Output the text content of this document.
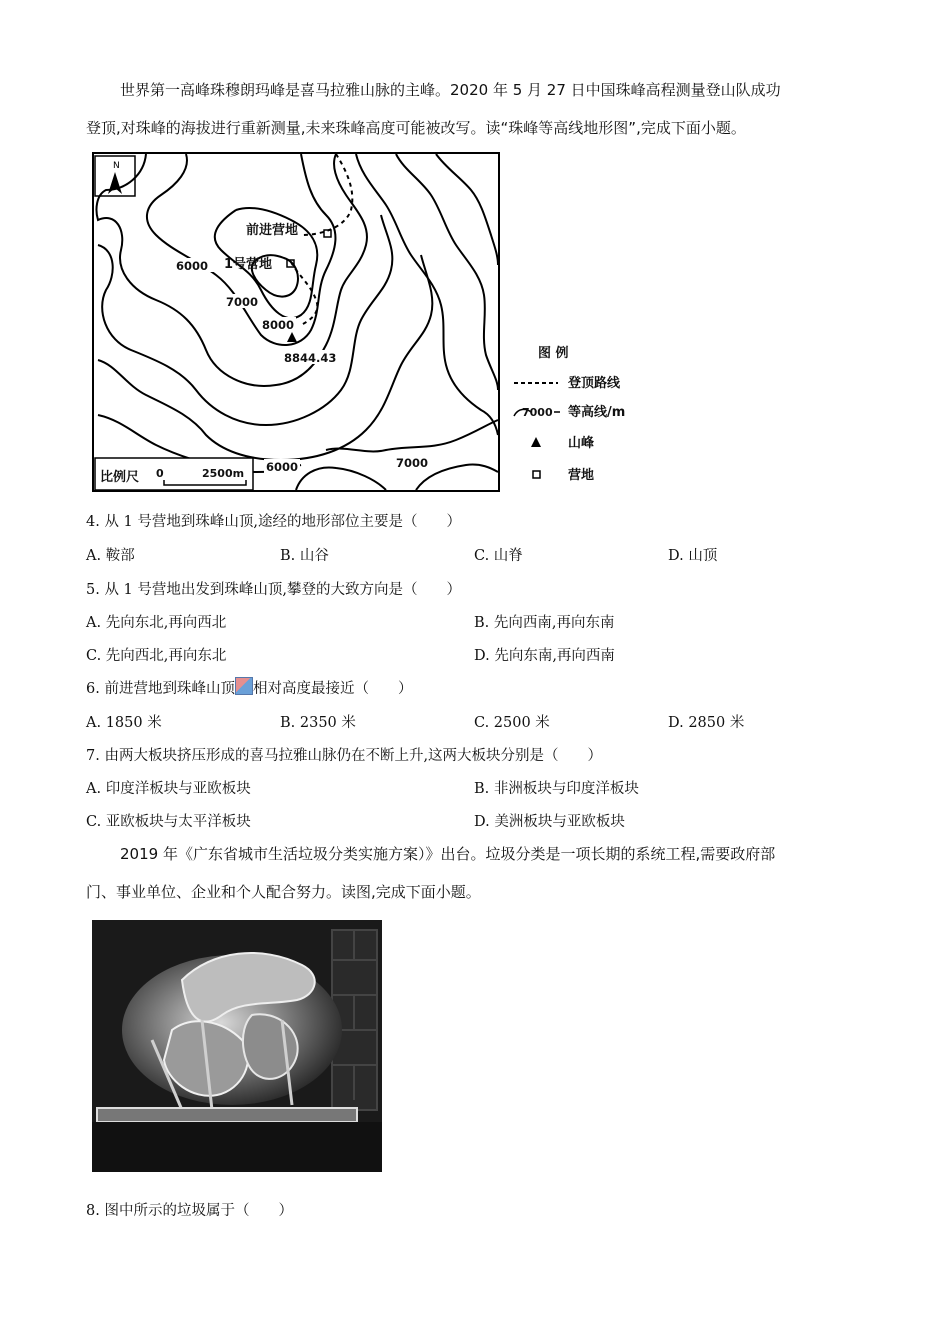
世界第一高峰珠穆朗玛峰是喜马拉雅山脉的主峰。2020 年 5 月 27 日中国珠峰高程测量登山队成功
登顶,对珠峰的海拔进行重新测量,未来珠峰高度可能被改写。读“珠峰等高线地形图”,完成下面小题。
N
前进营地
1号营地
6000
7000
8000
8844.43
6000	7000
比例尺 0	2500m
图 例
登顶路线
7000 等高线/m
山峰
营地
4. 从 1 号营地到珠峰山顶,途经的地形部位主要是（　　）
A. 鞍部	B. 山谷	C. 山脊	D. 山顶
5. 从 1 号营地出发到珠峰山顶,攀登的大致方向是（　　）
A. 先向东北,再向西北	B. 先向西南,再向东南
C. 先向西北,再向东北	D. 先向东南,再向西南
6. 前进营地到珠峰山顶 相对高度最接近（　　）
A. 1850 米	B. 2350 米	C. 2500 米	D. 2850 米
7. 由两大板块挤压形成的喜马拉雅山脉仍在不断上升,这两大板块分别是（　　）
A. 印度洋板块与亚欧板块	B. 非洲板块与印度洋板块
C. 亚欧板块与太平洋板块	D. 美洲板块与亚欧板块
2019 年《广东省城市生活垃圾分类实施方案）》出台。垃圾分类是一项长期的系统工程,需要政府部
门、事业单位、企业和个人配合努力。读图,完成下面小题。
8. 图中所示的垃圾属于（　　）
